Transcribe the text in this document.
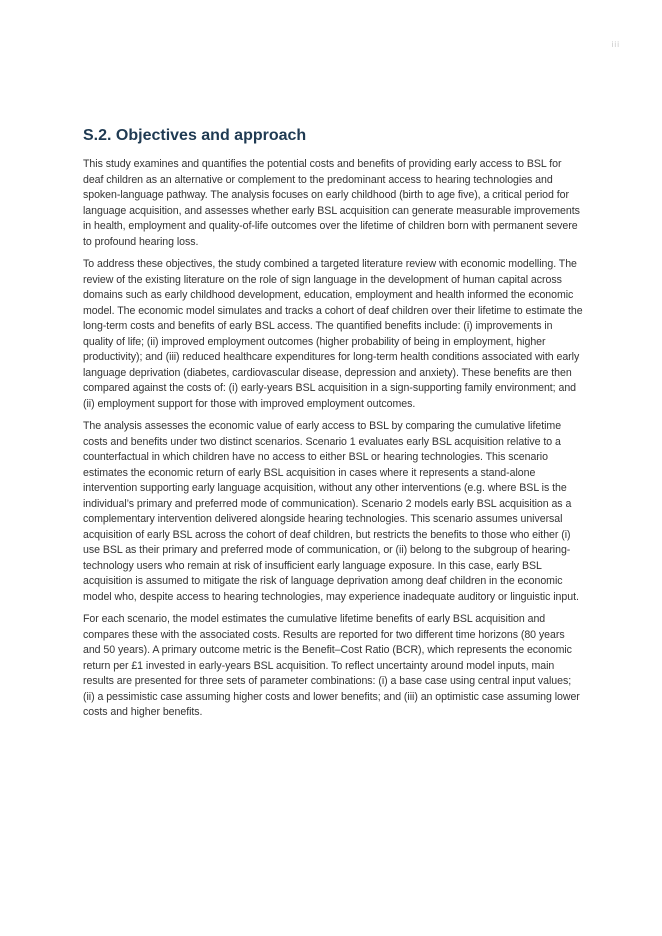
iii
S.2. Objectives and approach

This study examines and quantifies the potential costs and benefits of providing early access to BSL for deaf children as an alternative or complement to the predominant access to hearing technologies and spoken-language pathway. The analysis focuses on early childhood (birth to age five), a critical period for language acquisition, and assesses whether early BSL acquisition can generate measurable improvements in health, employment and quality-of-life outcomes over the lifetime of children born with permanent severe to profound hearing loss.

To address these objectives, the study combined a targeted literature review with economic modelling. The review of the existing literature on the role of sign language in the development of human capital across domains such as early childhood development, education, employment and health informed the economic model. The economic model simulates and tracks a cohort of deaf children over their lifetime to estimate the long-term costs and benefits of early BSL access. The quantified benefits include: (i) improvements in quality of life; (ii) improved employment outcomes (higher probability of being in employment, higher productivity); and (iii) reduced healthcare expenditures for long-term health conditions associated with early language deprivation (diabetes, cardiovascular disease, depression and anxiety). These benefits are then compared against the costs of: (i) early-years BSL acquisition in a sign-supporting family environment; and (ii) employment support for those with improved employment outcomes.

The analysis assesses the economic value of early access to BSL by comparing the cumulative lifetime costs and benefits under two distinct scenarios. Scenario 1 evaluates early BSL acquisition relative to a counterfactual in which children have no access to either BSL or hearing technologies. This scenario estimates the economic return of early BSL acquisition in cases where it represents a stand-alone intervention supporting early language acquisition, without any other interventions (e.g. where BSL is the individual’s primary and preferred mode of communication). Scenario 2 models early BSL acquisition as a complementary intervention delivered alongside hearing technologies. This scenario assumes universal acquisition of early BSL across the cohort of deaf children, but restricts the benefits to those who either (i) use BSL as their primary and preferred mode of communication, or (ii) belong to the subgroup of hearing-technology users who remain at risk of insufficient early language exposure. In this case, early BSL acquisition is assumed to mitigate the risk of language deprivation among deaf children in the economic model who, despite access to hearing technologies, may experience inadequate auditory or linguistic input.

For each scenario, the model estimates the cumulative lifetime benefits of early BSL acquisition and compares these with the associated costs. Results are reported for two different time horizons (80 years and 50 years). A primary outcome metric is the Benefit–Cost Ratio (BCR), which represents the economic return per £1 invested in early-years BSL acquisition. To reflect uncertainty around model inputs, main results are presented for three sets of parameter combinations: (i) a base case using central input values; (ii) a pessimistic case assuming higher costs and lower benefits; and (iii) an optimistic case assuming lower costs and higher benefits.
